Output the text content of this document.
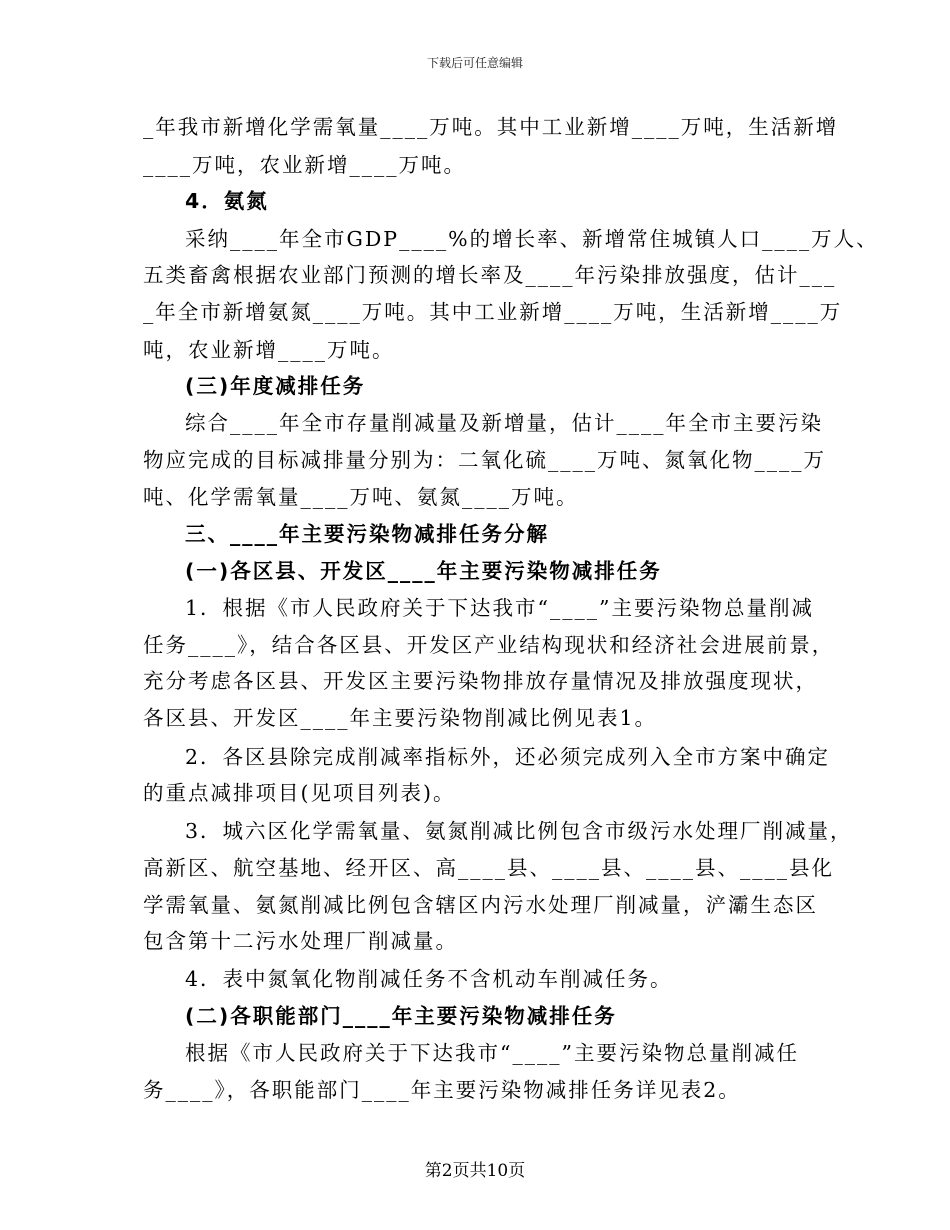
下载后可任意编辑
_年我市新增化学需氧量____万吨。其中工业新增____万吨，生活新增
____万吨，农业新增____万吨。
4．氨氮
采纳____年全市GDP____%的增长率、新增常住城镇人口____万人、
五类畜禽根据农业部门预测的增长率及____年污染排放强度，估计___
_年全市新增氨氮____万吨。其中工业新增____万吨，生活新增____万
吨，农业新增____万吨。
(三)年度减排任务
综合____年全市存量削减量及新增量，估计____年全市主要污染
物应完成的目标减排量分别为：二氧化硫____万吨、氮氧化物____万
吨、化学需氧量____万吨、氨氮____万吨。
三、____年主要污染物减排任务分解
(一)各区县、开发区____年主要污染物减排任务
1．根据《市人民政府关于下达我市“____”主要污染物总量削减
任务____》，结合各区县、开发区产业结构现状和经济社会进展前景，
充分考虑各区县、开发区主要污染物排放存量情况及排放强度现状，
各区县、开发区____年主要污染物削减比例见表1。
2．各区县除完成削减率指标外，还必须完成列入全市方案中确定
的重点减排项目(见项目列表)。
3．城六区化学需氧量、氨氮削减比例包含市级污水处理厂削减量，
高新区、航空基地、经开区、高____县、____县、____县、____县化
学需氧量、氨氮削减比例包含辖区内污水处理厂削减量，浐灞生态区
包含第十二污水处理厂削减量。
4．表中氮氧化物削减任务不含机动车削减任务。
(二)各职能部门____年主要污染物减排任务
根据《市人民政府关于下达我市“____”主要污染物总量削减任
务____》，各职能部门____年主要污染物减排任务详见表2。
第2页共10页
